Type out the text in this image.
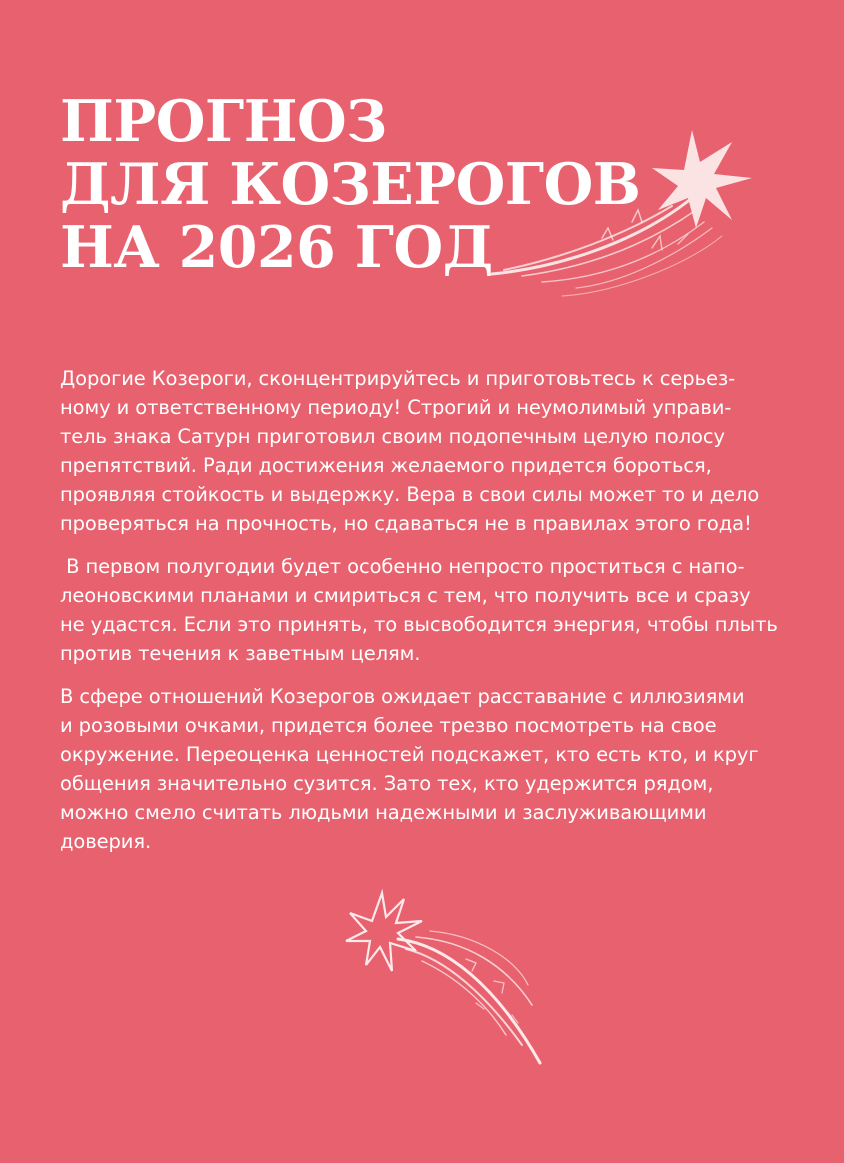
ПРОГНОЗ
ДЛЯ КОЗЕРОГОВ
НА 2026 ГОД

Дорогие Козероги, сконцентрируйтесь и приготовьтесь к серьез-
ному и ответственному периоду! Строгий и неумолимый управи-
тель знака Сатурн приготовил своим подопечным целую полосу
препятствий. Ради достижения желаемого придется бороться,
проявляя стойкость и выдержку. Вера в свои силы может то и дело
проверяться на прочность, но сдаваться не в правилах этого года!

В первом полугодии будет особенно непросто проститься с напо-
леоновскими планами и смириться с тем, что получить все и сразу
не удастся. Если это принять, то высвободится энергия, чтобы плыть
против течения к заветным целям.

В сфере отношений Козерогов ожидает расставание с иллюзиями
и розовыми очками, придется более трезво посмотреть на свое
окружение. Переоценка ценностей подскажет, кто есть кто, и круг
общения значительно сузится. Зато тех, кто удержится рядом,
можно смело считать людьми надежными и заслуживающими
доверия.
